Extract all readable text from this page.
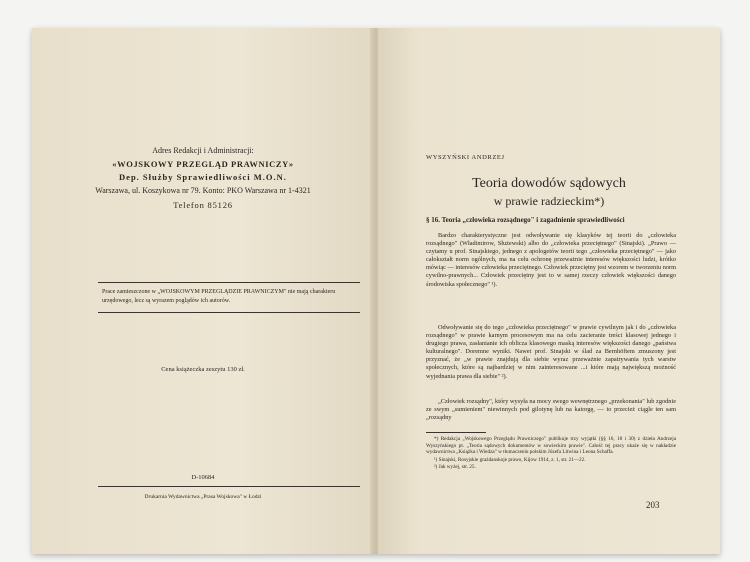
Adres Redakcji i Administracji:
«WOJSKOWY PRZEGLĄD PRAWNICZY»
Dep. Służby Sprawiedliwości M.O.N.
Warszawa, ul. Koszykowa nr 79. Konto: PKO Warszawa nr 1-4321
Telefon 85126
Prace zamieszczone w „WOJSKOWYM PRZEGLĄDZIE PRAWNICZYM" nie mają charakteru urzędowego, lecz są wyrazem poglądów ich autorów.
Cena książeczka zeszytu 130 zł.
D-10684
Drukarnia Wydawnictwa „Prasa Wojskowa" w Łodzi
WYSZYŃSKI ANDRZEJ
Teoria dowodów sądowych
w prawie radzieckim*)
§ 16. Teoria „człowieka rozsądnego" i zagadnienie sprawiedliwości

Bardzo charakterystyczne jest odwoływanie się klasyków tej teorii do „człowieka rozsądnego" (Władimirow, Służewski) albo do „człowieka przeciętnego" (Sinajski). „Prawo — czytamy u prof. Sinajskiego, jednego z apologetów teorii tego „człowieka przeciętnego" — jako całokształt norm ogólnych, ma na celu ochronę przeważnie interesów większości ludzi, krótko mówiąc — interesów człowieka przeciętnego. Człowiek przeciętny jest wzorem w tworzeniu norm cywilno-prawnych... Człowiek przeciętny jest to w samej rzeczy człowiek większości danego środowiska społecznego" ¹).

Odwoływanie się do tego „człowieka przeciętnego" w prawie cywilnym jak i do „człowieka rozsądnego" w prawie karnym procesowym ma na celu zacieranie treści klasowej jednego i drugiego prawa, zasłanianie ich oblicza klasowego maską interesów większości danego „państwa kulturalnego". Doremne wyniki. Nawet prof. Sinajski w ślad za Bernhöftem zmuszony jest przyznać, że „w prawie znajdują dla siebie wyraz przeważnie zapatrywania tych warstw społecznych, które są najbardziej w nim zainteresowane ...i które mają największą możność wyjednania prawa dla siebie" ²).

„Człowiek rozsądny", który wysyła na mocy swego wewnętrznego „przekonania" lub zgodnie ze swym „sumieniem" niewinnych pod gilotynę lub na katorgę, — to przecież ciągle ten sam „rozsądny

*) Redakcja „Wojskowego Przeglądu Prawniczego" publikuje trzy wyjątki (§§ 16, 18 i 30) z dzieła Andrzeja Wyszyńskiego pt. „Teoria sądowych dokumentów w sowieckim prawie". Całość tej pracy ukaże się w nakładzie wydawnictwa „Książka i Wiedza" w tłumaczeniu polskim Józefa Litwina i Leona Schaffa.

¹) Sinajski, Rosyjskie grażdanskoje prawo, Kijow 1914, z. 1, str. 21—22.

²) Jak wyżej, str. 25.

203
